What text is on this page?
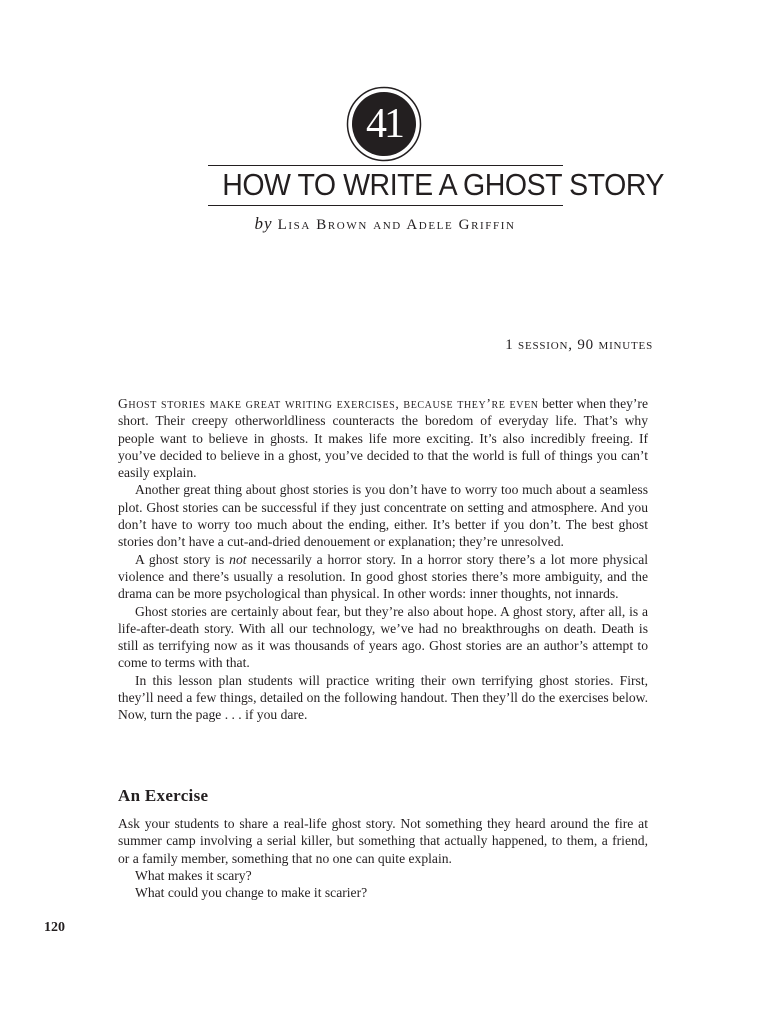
41
HOW TO WRITE A GHOST STORY
by Lisa Brown and Adele Griffin
1 session, 90 minutes

Ghost stories make great writing exercises, because they’re even better when they’re short. Their creepy otherworldliness counteracts the boredom of everyday life. That’s why people want to believe in ghosts. It makes life more exciting. It’s also incredibly freeing. If you’ve decided to believe in a ghost, you’ve decided to that the world is full of things you can’t easily explain.

Another great thing about ghost stories is you don’t have to worry too much about a seamless plot. Ghost stories can be successful if they just concentrate on setting and atmosphere. And you don’t have to worry too much about the ending, either. It’s better if you don’t. The best ghost stories don’t have a cut-and-dried denouement or explanation; they’re unresolved.

A ghost story is not necessarily a horror story. In a horror story there’s a lot more physical violence and there’s usually a resolution. In good ghost stories there’s more ambiguity, and the drama can be more psychological than physical. In other words: inner thoughts, not innards.

Ghost stories are certainly about fear, but they’re also about hope. A ghost story, after all, is a life-after-death story. With all our technology, we’ve had no breakthroughs on death. Death is still as terrifying now as it was thousands of years ago. Ghost stories are an author’s attempt to come to terms with that.

In this lesson plan students will practice writing their own terrifying ghost stories. First, they’ll need a few things, detailed on the following handout. Then they’ll do the exercises below. Now, turn the page . . . if you dare.

An Exercise

Ask your students to share a real-life ghost story. Not something they heard around the fire at summer camp involving a serial killer, but something that actually happened, to them, a friend, or a family member, something that no one can quite explain.

What makes it scary?

What could you change to make it scarier?

120
